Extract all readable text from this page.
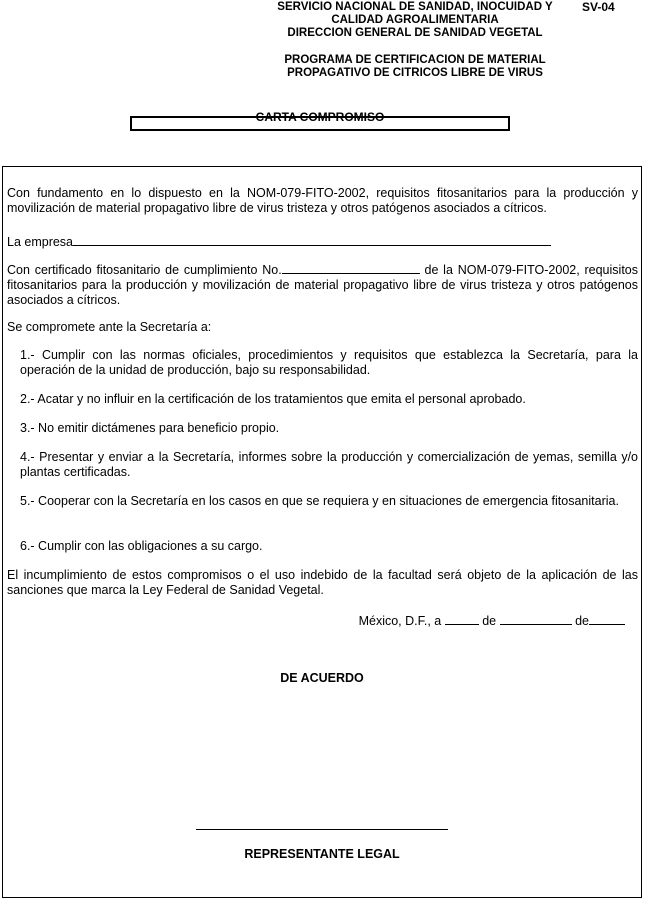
SERVICIO NACIONAL DE SANIDAD, INOCUIDAD Y
CALIDAD AGROALIMENTARIA
DIRECCION GENERAL DE SANIDAD VEGETAL
SV-04
PROGRAMA DE CERTIFICACION DE MATERIAL
PROPAGATIVO DE CITRICOS LIBRE DE VIRUS
CARTA COMPROMISO
Con fundamento en lo dispuesto en la NOM-079-FITO-2002, requisitos fitosanitarios para la producción y movilización de material propagativo libre de virus tristeza y otros patógenos asociados a cítricos.
La empresa
Con certificado fitosanitario de cumplimiento No.	de la NOM-079-FITO-2002, requisitos fitosanitarios para la producción y movilización de material propagativo libre de virus tristeza y otros patógenos asociados a cítricos.
Se compromete ante la Secretaría a:
1.- Cumplir con las normas oficiales, procedimientos y requisitos que establezca la Secretaría, para la operación de la unidad de producción, bajo su responsabilidad.
2.- Acatar y no influir en la certificación de los tratamientos que emita el personal aprobado.
3.- No emitir dictámenes para beneficio propio.
4.- Presentar y enviar a la Secretaría, informes sobre la producción y comercialización de yemas, semilla y/o plantas certificadas.
5.- Cooperar con la Secretaría en los casos en que se requiera y en situaciones de emergencia fitosanitaria.
6.- Cumplir con las obligaciones a su cargo.
El incumplimiento de estos compromisos o el uso indebido de la facultad será objeto de la aplicación de las sanciones que marca la Ley Federal de Sanidad Vegetal.
México, D.F., a	de	de
DE ACUERDO
REPRESENTANTE LEGAL
